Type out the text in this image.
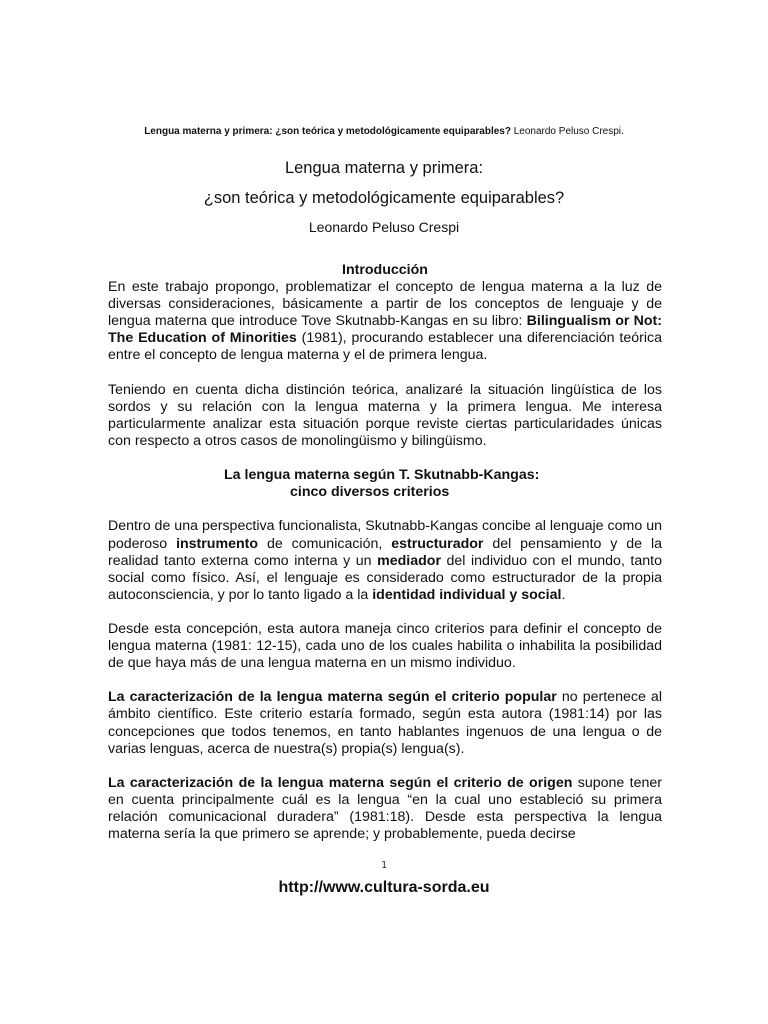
Lengua materna y primera: ¿son teórica y metodológicamente equiparables? Leonardo Peluso Crespi.
Lengua materna y primera:
¿son teórica y metodológicamente equiparables?
Leonardo Peluso Crespi
Introducción

En este trabajo propongo, problematizar el concepto de lengua materna a la luz de diversas consideraciones, básicamente a partir de los conceptos de lenguaje y de lengua materna que introduce Tove Skutnabb-Kangas en su libro: Bilingualism or Not: The Education of Minorities (1981), procurando establecer una diferenciación teórica entre el concepto de lengua materna y el de primera lengua.

Teniendo en cuenta dicha distinción teórica, analizaré la situación lingüística de los sordos y su relación con la lengua materna y la primera lengua. Me interesa particularmente analizar esta situación porque reviste ciertas particularidades únicas con respecto a otros casos de monolingüismo y bilingüismo.

La lengua materna según T. Skutnabb-Kangas:
cinco diversos criterios

Dentro de una perspectiva funcionalista, Skutnabb-Kangas concibe al lenguaje como un poderoso instrumento de comunicación, estructurador del pensamiento y de la realidad tanto externa como interna y un mediador del individuo con el mundo, tanto social como físico. Así, el lenguaje es considerado como estructurador de la propia autoconsciencia, y por lo tanto ligado a la identidad individual y social.

Desde esta concepción, esta autora maneja cinco criterios para definir el concepto de lengua materna (1981: 12-15), cada uno de los cuales habilita o inhabilita la posibilidad de que haya más de una lengua materna en un mismo individuo.

La caracterización de la lengua materna según el criterio popular no pertenece al ámbito científico. Este criterio estaría formado, según esta autora (1981:14) por las concepciones que todos tenemos, en tanto hablantes ingenuos de una lengua o de varias lenguas, acerca de nuestra(s) propia(s) lengua(s).

La caracterización de la lengua materna según el criterio de origen supone tener en cuenta principalmente cuál es la lengua “en la cual uno estableció su primera relación comunicacional duradera” (1981:18). Desde esta perspectiva la lengua materna sería la que primero se aprende; y probablemente, pueda decirse

1
http://www.cultura-sorda.eu
